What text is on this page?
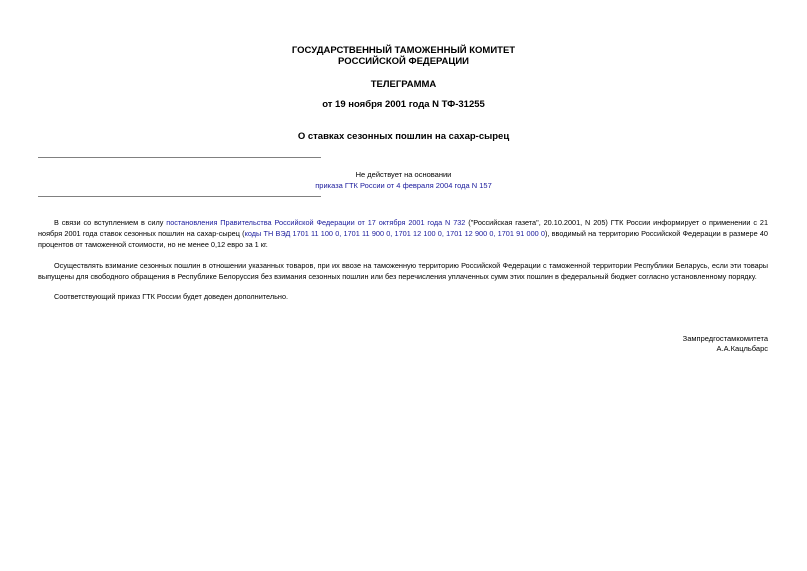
ГОСУДАРСТВЕННЫЙ ТАМОЖЕННЫЙ КОМИТЕТ
РОССИЙСКОЙ ФЕДЕРАЦИИ
ТЕЛЕГРАММА
от 19 ноября 2001 года N ТФ-31255
О ставках сезонных пошлин на сахар-сырец
Не действует на основании
приказа ГТК России от 4 февраля 2004 года N 157
В связи со вступлением в силу постановления Правительства Российской Федерации от 17 октября 2001 года N 732 ("Российская газета", 20.10.2001, N 205) ГТК России информирует о применении с 21 ноября 2001 года ставок сезонных пошлин на сахар-сырец (коды ТН ВЭД 1701 11 100 0, 1701 11 900 0, 1701 12 100 0, 1701 12 900 0, 1701 91 000 0), вводимый на территорию Российской Федерации в размере 40 процентов от таможенной стоимости, но не менее 0,12 евро за 1 кг.
Осуществлять взимание сезонных пошлин в отношении указанных товаров, при их ввозе на таможенную территорию Российской Федерации с таможенной территории Республики Беларусь, если эти товары выпущены для свободного обращения в Республике Белоруссия без взимания сезонных пошлин или без перечисления уплаченных сумм этих пошлин в федеральный бюджет согласно установленному порядку.
Соответствующий приказ ГТК России будет доведен дополнительно.
Зампредгостамкомитета
А.А.Кацльбарс
